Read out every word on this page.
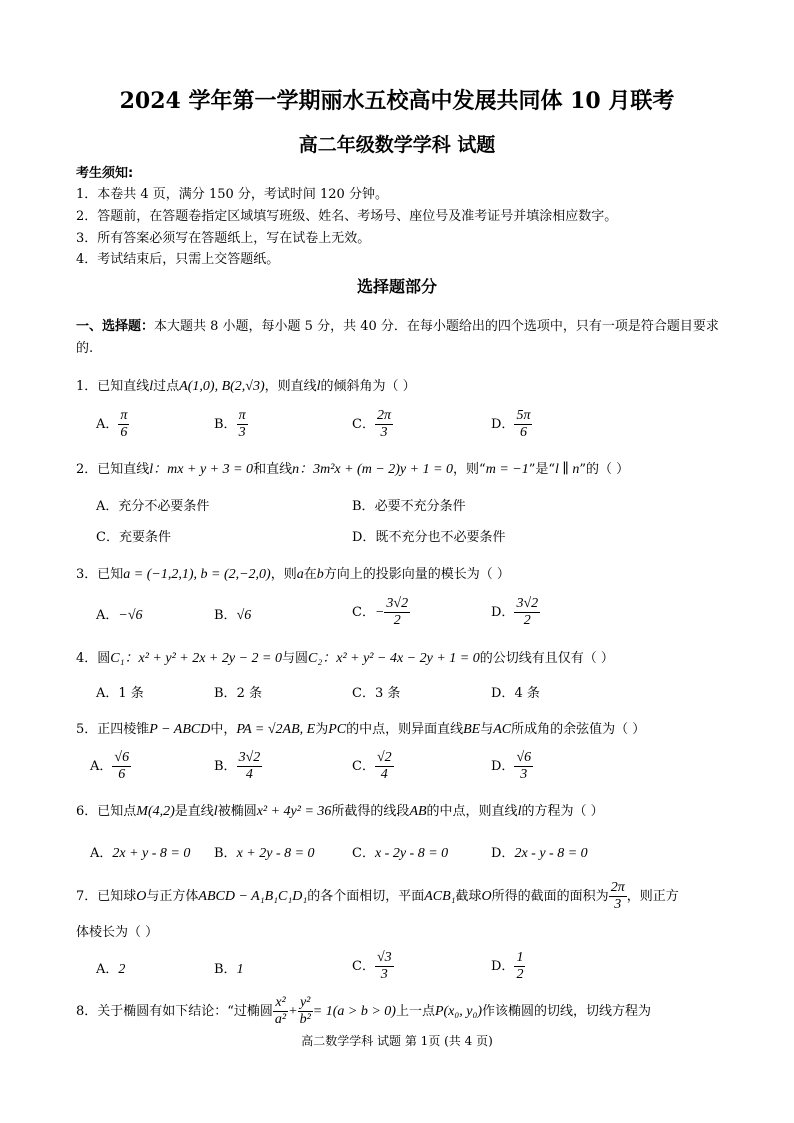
2024 学年第一学期丽水五校高中发展共同体 10 月联考
高二年级数学学科 试题
考生须知:
1．本卷共 4 页，满分 150 分，考试时间 120 分钟。
2．答题前，在答题卷指定区域填写班级、姓名、考场号、座位号及准考证号并填涂相应数字。
3．所有答案必须写在答题纸上，写在试卷上无效。
4．考试结束后，只需上交答题纸。
选择题部分
一、选择题：本大题共 8 小题，每小题 5 分，共 40 分．在每小题给出的四个选项中，只有一项是符合题目要求的.
1．已知直线l过点A(1,0), B(2,√3)，则直线l的倾斜角为（ ）
A． $\frac{\pi}{6}$	B． $\frac{\pi}{3}$	C． $\frac{2\pi}{3}$	D． $\frac{5\pi}{6}$
2．已知直线l：mx + y + 3 = 0和直线n：3m²x + (m − 2)y + 1 = 0，则“m = −1”是“l ∥ n”的（ ）
A．充分不必要条件	B．必要不充分条件
C．充要条件	D．既不充分也不必要条件
3．已知a = (−1,2,1), b = (2,−2,0)，则a在b方向上的投影向量的模长为（ ）
A．−√6	B．√6	C．− $\frac{3√2}{2}$	D． $\frac{3√2}{2}$
4．圆C₁：x² + y² + 2x + 2y − 2 = 0与圆C₂：x² + y² − 4x − 2y + 1 = 0的公切线有且仅有（ ）
A．1 条	B．2 条	C．3 条	D．4 条
5．正四棱锥P − ABCD中，PA = √2AB, E为PC的中点，则异面直线BE与AC所成角的余弦值为（ ）
A． $\frac{√6}{6}$	B． $\frac{3√2}{4}$	C． $\frac{√2}{4}$	D． $\frac{√6}{3}$
6．已知点M(4,2)是直线l被椭圆x² + 4y² = 36所截得的线段AB的中点，则直线l的方程为（ ）
A．2x + y - 8 = 0 B．x + 2y - 8 = 0	C．x - 2y - 8 = 0	D．2x - y - 8 = 0
7．已知球O与正方体ABCD − A₁B₁C₁D₁的各个面相切，平面ACB₁截球O所得的截面的面积为 $\frac{2\pi}{3}$ ，则正方
体棱长为（ ）
A．2	B．1	C． $\frac{√3}{3}$	D． $\frac{1}{2}$
8．关于椭圆有如下结论：“过椭圆 $\frac{\text{x²}}{\text{a²}} + \frac{\text{y²}}{\text{b²}} = 1(a > b > 0)$上一点P(x₀, y₀)作该椭圆的切线，切线方程为
高二数学学科 试题 第 1页 (共 4 页)
